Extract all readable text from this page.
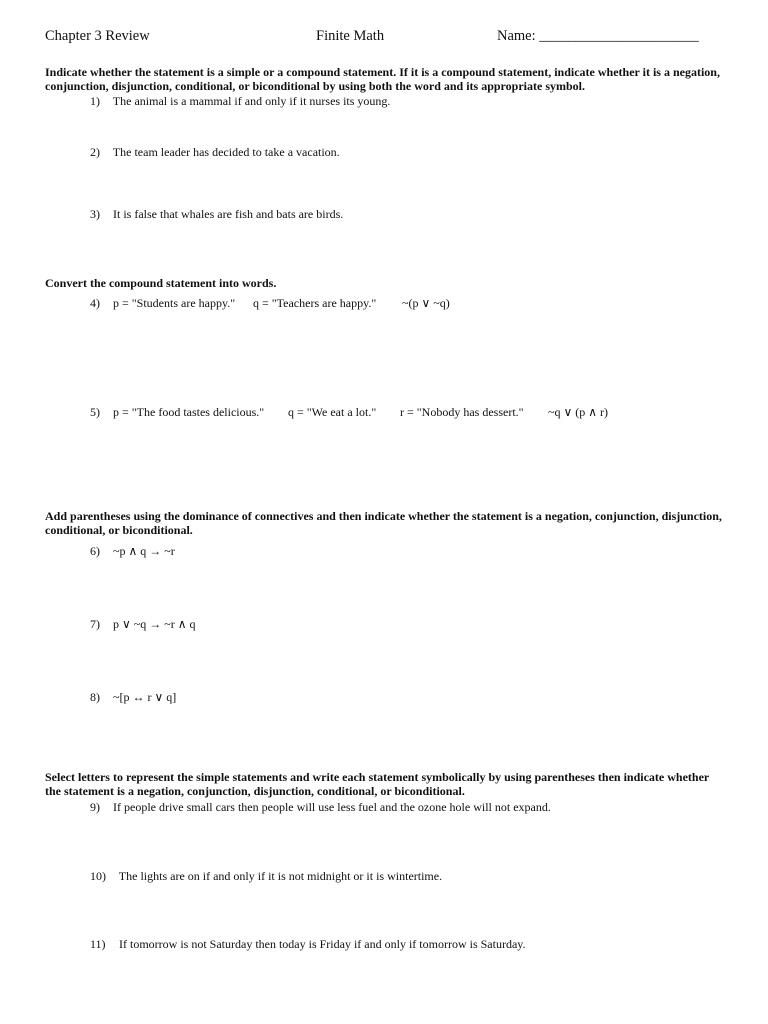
Chapter 3 Review	Finite Math	Name: ______________________
Indicate whether the statement is a simple or a compound statement. If it is a compound statement, indicate whether it is a negation, conjunction, disjunction, conditional, or biconditional by using both the word and its appropriate symbol.
1) The animal is a mammal if and only if it nurses its young.
2) The team leader has decided to take a vacation.
3) It is false that whales are fish and bats are birds.
Convert the compound statement into words.
4) p = "Students are happy." q = "Teachers are happy." ~(p ∨ ~q)
5) p = "The food tastes delicious." q = "We eat a lot." r = "Nobody has dessert." ~q ∨ (p ∧ r)
Add parentheses using the dominance of connectives and then indicate whether the statement is a negation, conjunction, disjunction, conditional, or biconditional.
6) ~p ∧ q → ~r
7) p ∨ ~q → ~r ∧ q
8) ~[p ↔ r ∨ q]
Select letters to represent the simple statements and write each statement symbolically by using parentheses then indicate whether the statement is a negation, conjunction, disjunction, conditional, or biconditional.
9) If people drive small cars then people will use less fuel and the ozone hole will not expand.
10) The lights are on if and only if it is not midnight or it is wintertime.
11) If tomorrow is not Saturday then today is Friday if and only if tomorrow is Saturday.
